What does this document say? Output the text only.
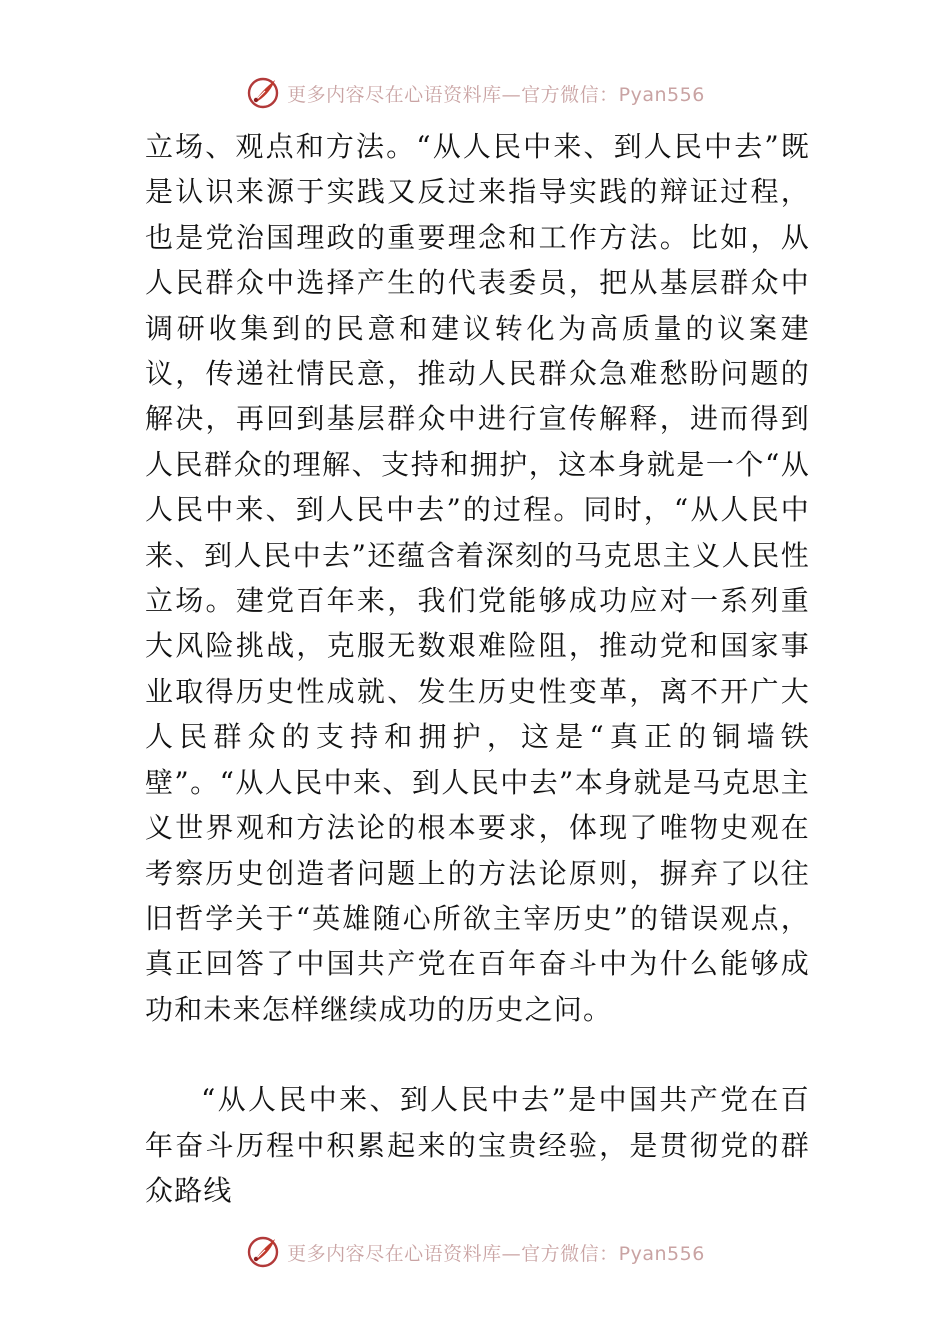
更多内容尽在心语资料库—官方微信：Pyan556

立场、观点和方法。“从人民中来、到人民中去”既是认识来源于实践又反过来指导实践的辩证过程，也是党治国理政的重要理念和工作方法。比如，从人民群众中选择产生的代表委员，把从基层群众中调研收集到的民意和建议转化为高质量的议案建议，传递社情民意，推动人民群众急难愁盼问题的解决，再回到基层群众中进行宣传解释，进而得到人民群众的理解、支持和拥护，这本身就是一个“从人民中来、到人民中去”的过程。同时，“从人民中来、到人民中去”还蕴含着深刻的马克思主义人民性立场。建党百年来，我们党能够成功应对一系列重大风险挑战，克服无数艰难险阻，推动党和国家事业取得历史性成就、发生历史性变革，离不开广大人民群众的支持和拥护，这是“真正的铜墙铁壁”。“从人民中来、到人民中去”本身就是马克思主义世界观和方法论的根本要求，体现了唯物史观在考察历史创造者问题上的方法论原则，摒弃了以往旧哲学关于“英雄随心所欲主宰历史”的错误观点，真正回答了中国共产党在百年奋斗中为什么能够成功和未来怎样继续成功的历史之问。

“从人民中来、到人民中去”是中国共产党在百年奋斗历程中积累起来的宝贵经验，是贯彻党的群众路线

更多内容尽在心语资料库—官方微信：Pyan556
